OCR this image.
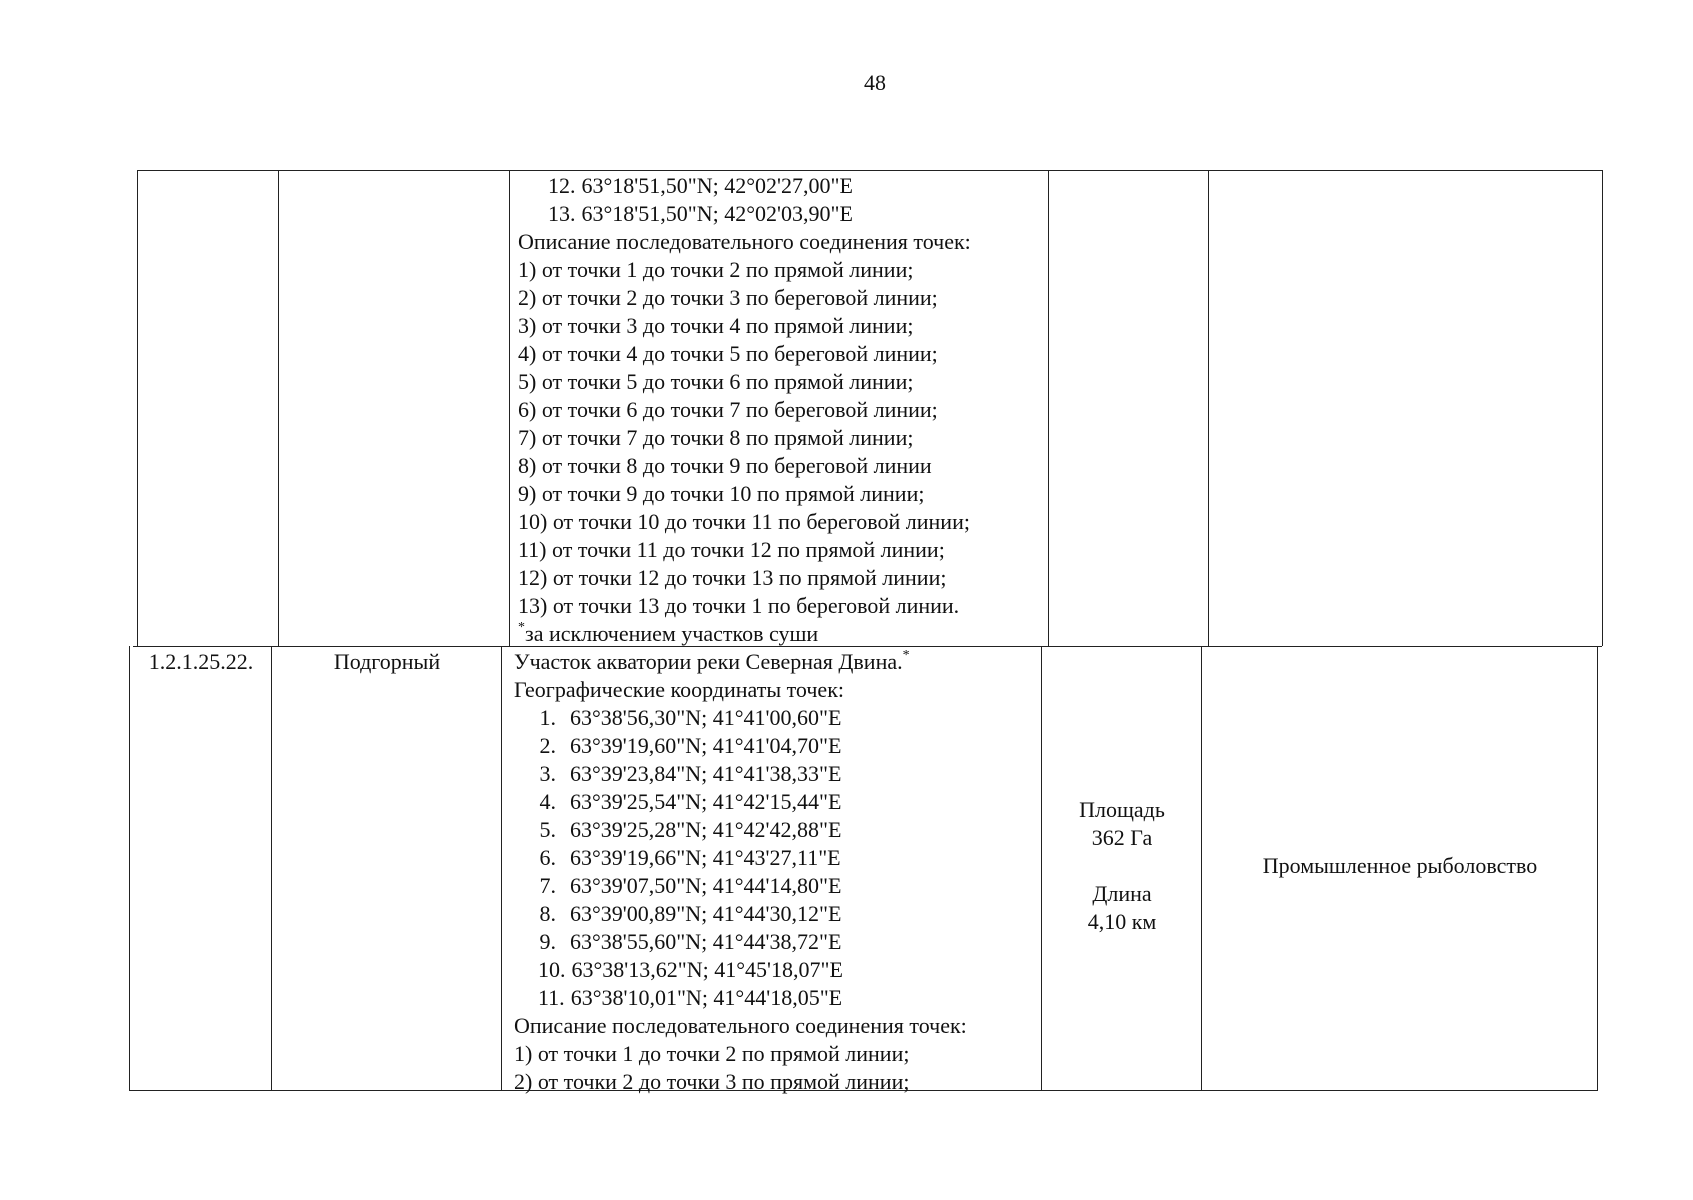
48
12. 63°18'51,50"N; 42°02'27,00"E
13. 63°18'51,50"N; 42°02'03,90"E
Описание последовательного соединения точек:
1) от точки 1 до точки 2 по прямой линии;
2) от точки 2 до точки 3 по береговой линии;
3) от точки 3 до точки 4 по прямой линии;
4) от точки 4 до точки 5 по береговой линии;
5) от точки 5 до точки 6 по прямой линии;
6) от точки 6 до точки 7 по береговой линии;
7) от точки 7 до точки 8 по прямой линии;
8) от точки 8 до точки 9 по береговой линии
9) от точки 9 до точки 10 по прямой линии;
10) от точки 10 до точки 11 по береговой линии;
11) от точки 11 до точки 12 по прямой линии;
12) от точки 12 до точки 13 по прямой линии;
13) от точки 13 до точки 1 по береговой линии.
*за исключением участков суши
1.2.1.25.22.	Подгорный	Участок акватории реки Северная Двина.*
Географические координаты точек:
1. 63°38'56,30"N; 41°41'00,60"E
2. 63°39'19,60"N; 41°41'04,70"E
3. 63°39'23,84"N; 41°41'38,33"E
4. 63°39'25,54"N; 41°42'15,44"E
5. 63°39'25,28"N; 41°42'42,88"E
6. 63°39'19,66"N; 41°43'27,11"E
7. 63°39'07,50"N; 41°44'14,80"E
8. 63°39'00,89"N; 41°44'30,12"E
9. 63°38'55,60"N; 41°44'38,72"E
10. 63°38'13,62"N; 41°45'18,07"E
11. 63°38'10,01"N; 41°44'18,05"E
Описание последовательного соединения точек:
1) от точки 1 до точки 2 по прямой линии;
2) от точки 2 до точки 3 по прямой линии;
Площадь
362 Га
Длина
4,10 км
Промышленное рыболовство
